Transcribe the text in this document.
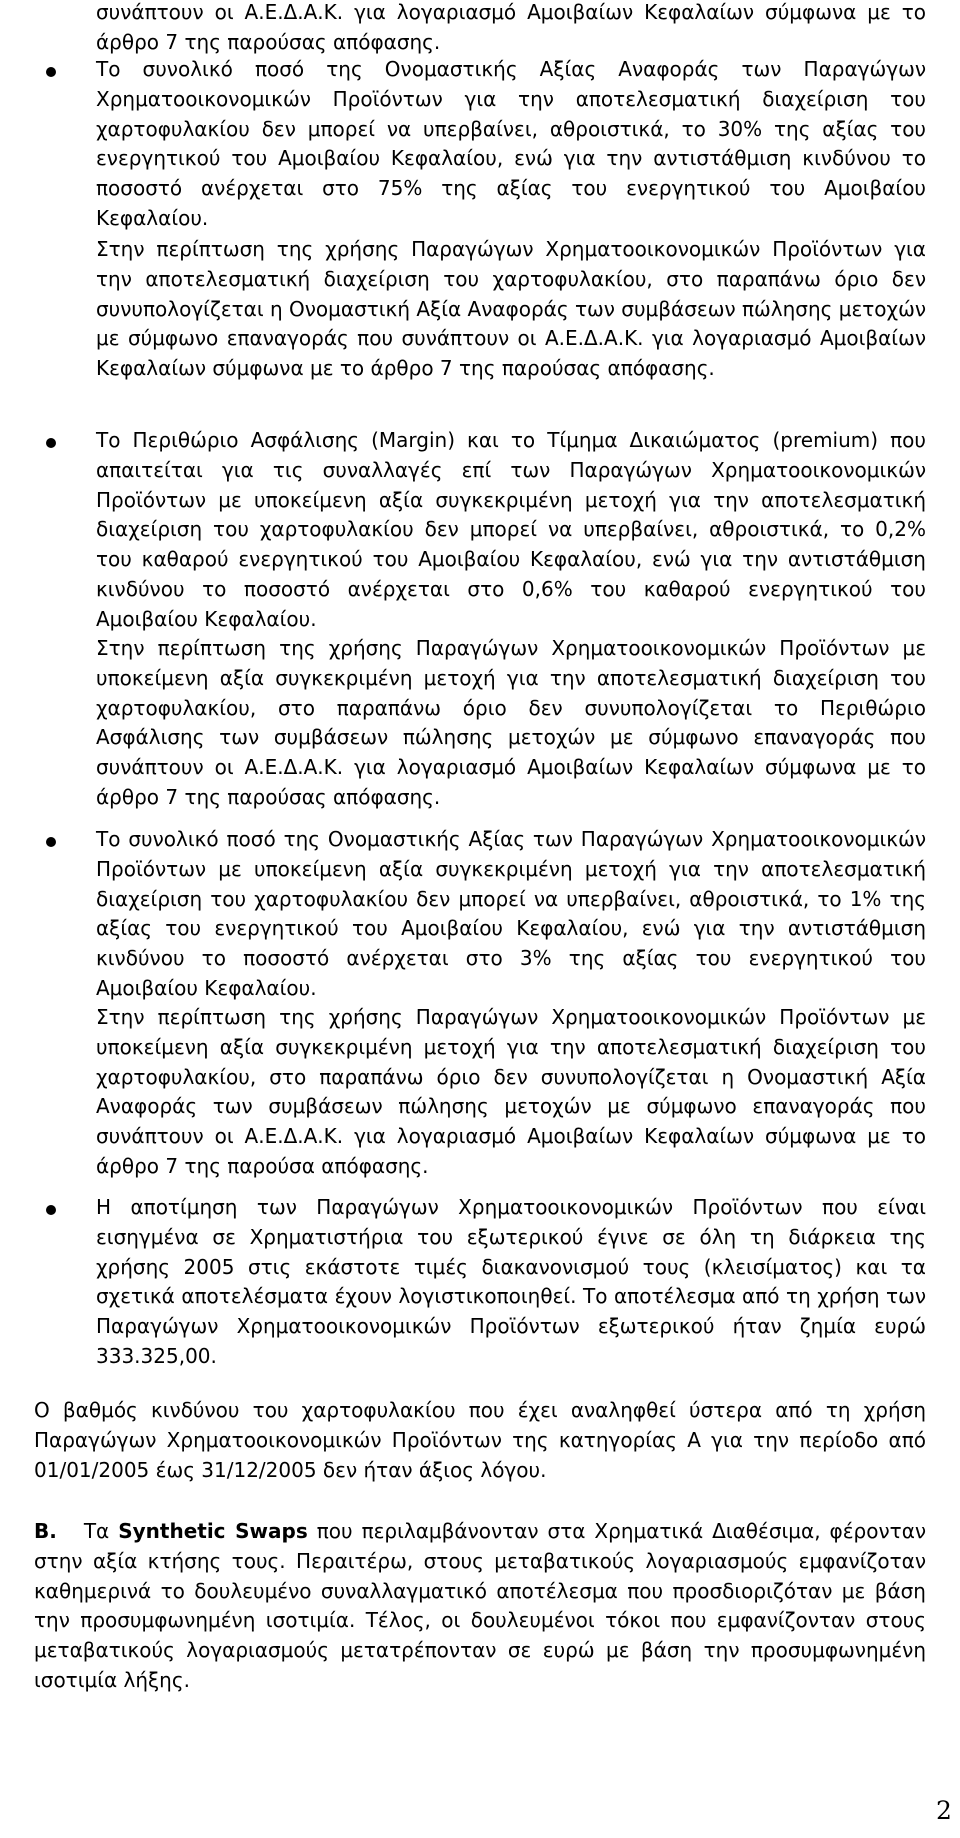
συνάπτουν οι Α.Ε.Δ.Α.Κ. για λογαριασμό Αμοιβαίων Κεφαλαίων σύμφωνα με το άρθρο 7 της παρούσας απόφασης.
Το συνολικό ποσό της Ονομαστικής Αξίας Αναφοράς των Παραγώγων Χρηματοοικονομικών Προϊόντων για την αποτελεσματική διαχείριση του χαρτοφυλακίου δεν μπορεί να υπερβαίνει, αθροιστικά, το 30% της αξίας του ενεργητικού του Αμοιβαίου Κεφαλαίου, ενώ για την αντιστάθμιση κινδύνου το ποσοστό ανέρχεται στο 75% της αξίας του ενεργητικού του Αμοιβαίου Κεφαλαίου.
Στην περίπτωση της χρήσης Παραγώγων Χρηματοοικονομικών Προϊόντων για την αποτελεσματική διαχείριση του χαρτοφυλακίου, στο παραπάνω όριο δεν συνυπολογίζεται η Ονομαστική Αξία Αναφοράς των συμβάσεων πώλησης μετοχών με σύμφωνο επαναγοράς που συνάπτουν οι Α.Ε.Δ.Α.Κ. για λογαριασμό Αμοιβαίων Κεφαλαίων σύμφωνα με το άρθρο 7 της παρούσας απόφασης.
Το Περιθώριο Ασφάλισης (Margin) και το Τίμημα Δικαιώματος (premium) που απαιτείται για τις συναλλαγές επί των Παραγώγων Χρηματοοικονομικών Προϊόντων με υποκείμενη αξία συγκεκριμένη μετοχή για την αποτελεσματική διαχείριση του χαρτοφυλακίου δεν μπορεί να υπερβαίνει, αθροιστικά, το 0,2% του καθαρού ενεργητικού του Αμοιβαίου Κεφαλαίου, ενώ για την αντιστάθμιση κινδύνου το ποσοστό ανέρχεται στο 0,6% του καθαρού ενεργητικού του Αμοιβαίου Κεφαλαίου.
Στην περίπτωση της χρήσης Παραγώγων Χρηματοοικονομικών Προϊόντων με υποκείμενη αξία συγκεκριμένη μετοχή για την αποτελεσματική διαχείριση του χαρτοφυλακίου, στο παραπάνω όριο δεν συνυπολογίζεται το Περιθώριο Ασφάλισης των συμβάσεων πώλησης μετοχών με σύμφωνο επαναγοράς που συνάπτουν οι Α.Ε.Δ.Α.Κ. για λογαριασμό Αμοιβαίων Κεφαλαίων σύμφωνα με το άρθρο 7 της παρούσας απόφασης.
Το συνολικό ποσό της Ονομαστικής Αξίας των Παραγώγων Χρηματοοικονομικών Προϊόντων με υποκείμενη αξία συγκεκριμένη μετοχή για την αποτελεσματική διαχείριση του χαρτοφυλακίου δεν μπορεί να υπερβαίνει, αθροιστικά, το 1% της αξίας του ενεργητικού του Αμοιβαίου Κεφαλαίου, ενώ για την αντιστάθμιση κινδύνου το ποσοστό ανέρχεται στο 3% της αξίας του ενεργητικού του Αμοιβαίου Κεφαλαίου.
Στην περίπτωση της χρήσης Παραγώγων Χρηματοοικονομικών Προϊόντων με υποκείμενη αξία συγκεκριμένη μετοχή για την αποτελεσματική διαχείριση του χαρτοφυλακίου, στο παραπάνω όριο δεν συνυπολογίζεται η Ονομαστική Αξία Αναφοράς των συμβάσεων πώλησης μετοχών με σύμφωνο επαναγοράς που συνάπτουν οι Α.Ε.Δ.Α.Κ. για λογαριασμό Αμοιβαίων Κεφαλαίων σύμφωνα με το άρθρο 7 της παρούσα απόφασης.
Η αποτίμηση των Παραγώγων Χρηματοοικονομικών Προϊόντων που είναι εισηγμένα σε Χρηματιστήρια του εξωτερικού έγινε σε όλη τη διάρκεια της χρήσης 2005 στις εκάστοτε τιμές διακανονισμού τους (κλεισίματος) και τα σχετικά αποτελέσματα έχουν λογιστικοποιηθεί. Το αποτέλεσμα από τη χρήση των Παραγώγων Χρηματοοικονομικών Προϊόντων εξωτερικού ήταν ζημία ευρώ 333.325,00.
Ο βαθμός κινδύνου του χαρτοφυλακίου που έχει αναληφθεί ύστερα από τη χρήση Παραγώγων Χρηματοοικονομικών Προϊόντων της κατηγορίας Α για την περίοδο από 01/01/2005 έως 31/12/2005 δεν ήταν άξιος λόγου.
Β. Τα Synthetic Swaps που περιλαμβάνονταν στα Χρηματικά Διαθέσιμα, φέρονταν στην αξία κτήσης τους. Περαιτέρω, στους μεταβατικούς λογαριασμούς εμφανίζοταν καθημερινά το δουλευμένο συναλλαγματικό αποτέλεσμα που προσδιοριζόταν με βάση την προσυμφωνημένη ισοτιμία. Τέλος, οι δουλευμένοι τόκοι που εμφανίζονταν στους μεταβατικούς λογαριασμούς μετατρέπονταν σε ευρώ με βάση την προσυμφωνημένη ισοτιμία λήξης.
2
